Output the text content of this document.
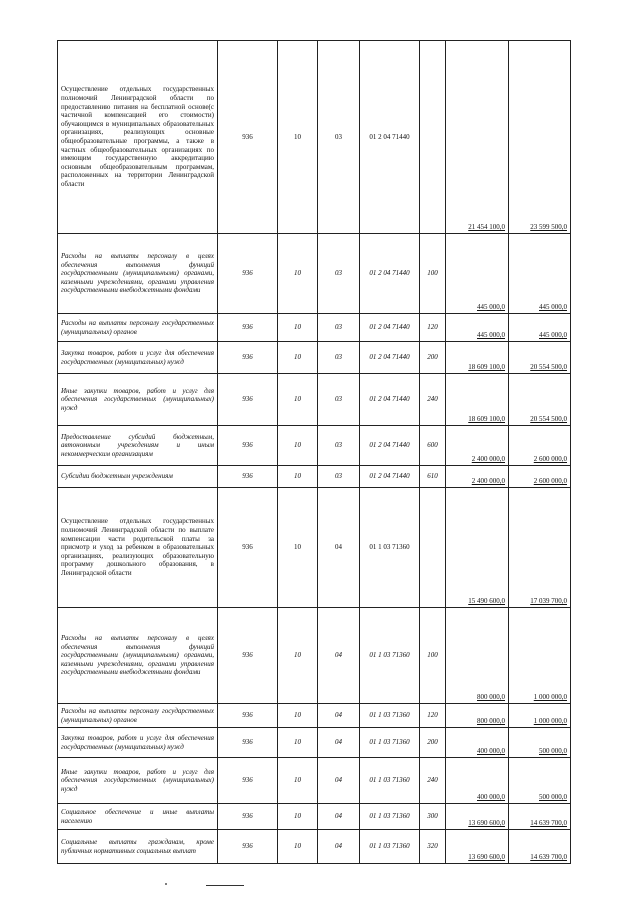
Осуществление отдельных государственных полномочий Ленинградской области по предоставлению питания на бесплатной основе(с частичной компенсацией его стоимости) обучающимся в муниципальных образовательных организациях, реализующих основные общеобразовательные программы, а также в частных общеобразовательных организациях по имеющим государственную аккредитацию основным общеобразовательным программам, расположенных на территории Ленинградской области	936	10	03	01 2 04 71440		21 454 100,0	23 599 500,0
Расходы на выплаты персоналу в целях обеспечения выполнения функций государственными (муниципальными) органами, казенными учреждениями, органами управления государственными внебюджетными фондами	936	10	03	01 2 04 71440	100	445 000,0	445 000,0
Расходы на выплаты персоналу государственных (муниципальных) органов	936	10	03	01 2 04 71440	120	445 000,0	445 000,0
Закупка товаров, работ и услуг для обеспечения государственных (муниципальных) нужд	936	10	03	01 2 04 71440	200	18 609 100,0	20 554 500,0
Иные закупки товаров, работ и услуг для обеспечения государственных (муниципальных) нужд	936	10	03	01 2 04 71440	240	18 609 100,0	20 554 500,0
Предоставление субсидий бюджетным, автономным учреждениям и иным некоммерческим организациям	936	10	03	01 2 04 71440	600	2 400 000,0	2 600 000,0
Субсидии бюджетным учреждениям	936	10	03	01 2 04 71440	610	2 400 000,0	2 600 000,0
Осуществление отдельных государственных полномочий Ленинградской области по выплате компенсации части родительской платы за присмотр и уход за ребенком в образовательных организациях, реализующих образовательную программу дошкольного образования, в Ленинградской области	936	10	04	01 1 03 71360		15 490 600,0	17 039 700,0
Расходы на выплаты персоналу в целях обеспечения выполнения функций государственными (муниципальными) органами, казенными учреждениями, органами управления государственными внебюджетными фондами	936	10	04	01 1 03 71360	100	800 000,0	1 000 000,0
Расходы на выплаты персоналу государственных (муниципальных) органов	936	10	04	01 1 03 71360	120	800 000,0	1 000 000,0
Закупка товаров, работ и услуг для обеспечения государственных (муниципальных) нужд	936	10	04	01 1 03 71360	200	400 000,0	500 000,0
Иные закупки товаров, работ и услуг для обеспечения государственных (муниципальных) нужд	936	10	04	01 1 03 71360	240	400 000,0	500 000,0
Социальное обеспечение и иные выплаты населению	936	10	04	01 1 03 71360	300	13 690 600,0	14 639 700,0
Социальные выплаты гражданам, кроме публичных нормативных социальных выплат	936	10	04	01 1 03 71360	320	13 690 600,0	14 639 700,0
